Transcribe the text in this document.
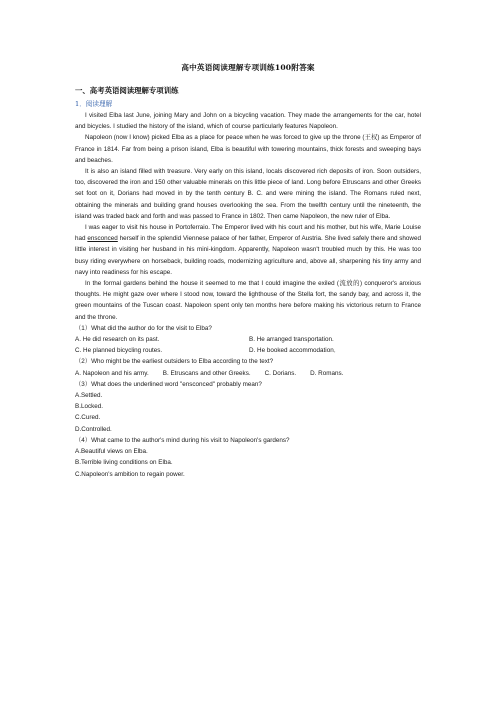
高中英语阅读理解专项训练100附答案
一、高考英语阅读理解专项训练
1．阅读理解

I visited Elba last June, joining Mary and John on a bicycling vacation. They made the arrangements for the car, hotel and bicycles. I studied the history of the island, which of course particularly features Napoleon.

Napoleon (now I know) picked Elba as a place for peace when he was forced to give up the throne (王权) as Emperor of France in 1814. Far from being a prison island, Elba is beautiful with towering mountains, thick forests and sweeping bays and beaches.

It is also an island filled with treasure. Very early on this island, locals discovered rich deposits of iron. Soon outsiders, too, discovered the iron and 150 other valuable minerals on this little piece of land. Long before Etruscans and other Greeks set foot on it, Dorians had moved in by the tenth century B. C. and were mining the island. The Romans ruled next, obtaining the minerals and building grand houses overlooking the sea. From the twelfth century until the nineteenth, the island was traded back and forth and was passed to France in 1802. Then came Napoleon, the new ruler of Elba.

I was eager to visit his house in Portoferraio. The Emperor lived with his court and his mother, but his wife, Marie Louise had ensconced herself in the splendid Viennese palace of her father, Emperor of Austria. She lived safely there and showed little interest in visiting her husband in his mini-kingdom. Apparently, Napoleon wasn't troubled much by this. He was too busy riding everywhere on horseback, building roads, modernizing agriculture and, above all, sharpening his tiny army and navy into readiness for his escape.

In the formal gardens behind the house it seemed to me that I could imagine the exiled (流放的) conqueror's anxious thoughts. He might gaze over where I stood now, toward the lighthouse of the Stella fort, the sandy bay, and across it, the green mountains of the Tuscan coast. Napoleon spent only ten months here before making his victorious return to France and the throne.

（1）What did the author do for the visit to Elba?
A. He did research on its past.	B. He arranged transportation.
C. He planned bicycling routes.	D. He booked accommodation．
（2）Who might be the earliest outsiders to Elba according to the text?
A. Napoleon and his army. B. Etruscans and other Greeks. C. Dorians. D. Romans.
（3）What does the underlined word "ensconced" probably mean?
A.Settled.
B.Locked.
C.Cured.
D.Controlled.
（4）What came to the author's mind during his visit to Napoleon's gardens?
A.Beautiful views on Elba.
B.Terrible living conditions on Elba.
C.Napoleon's ambition to regain power.
